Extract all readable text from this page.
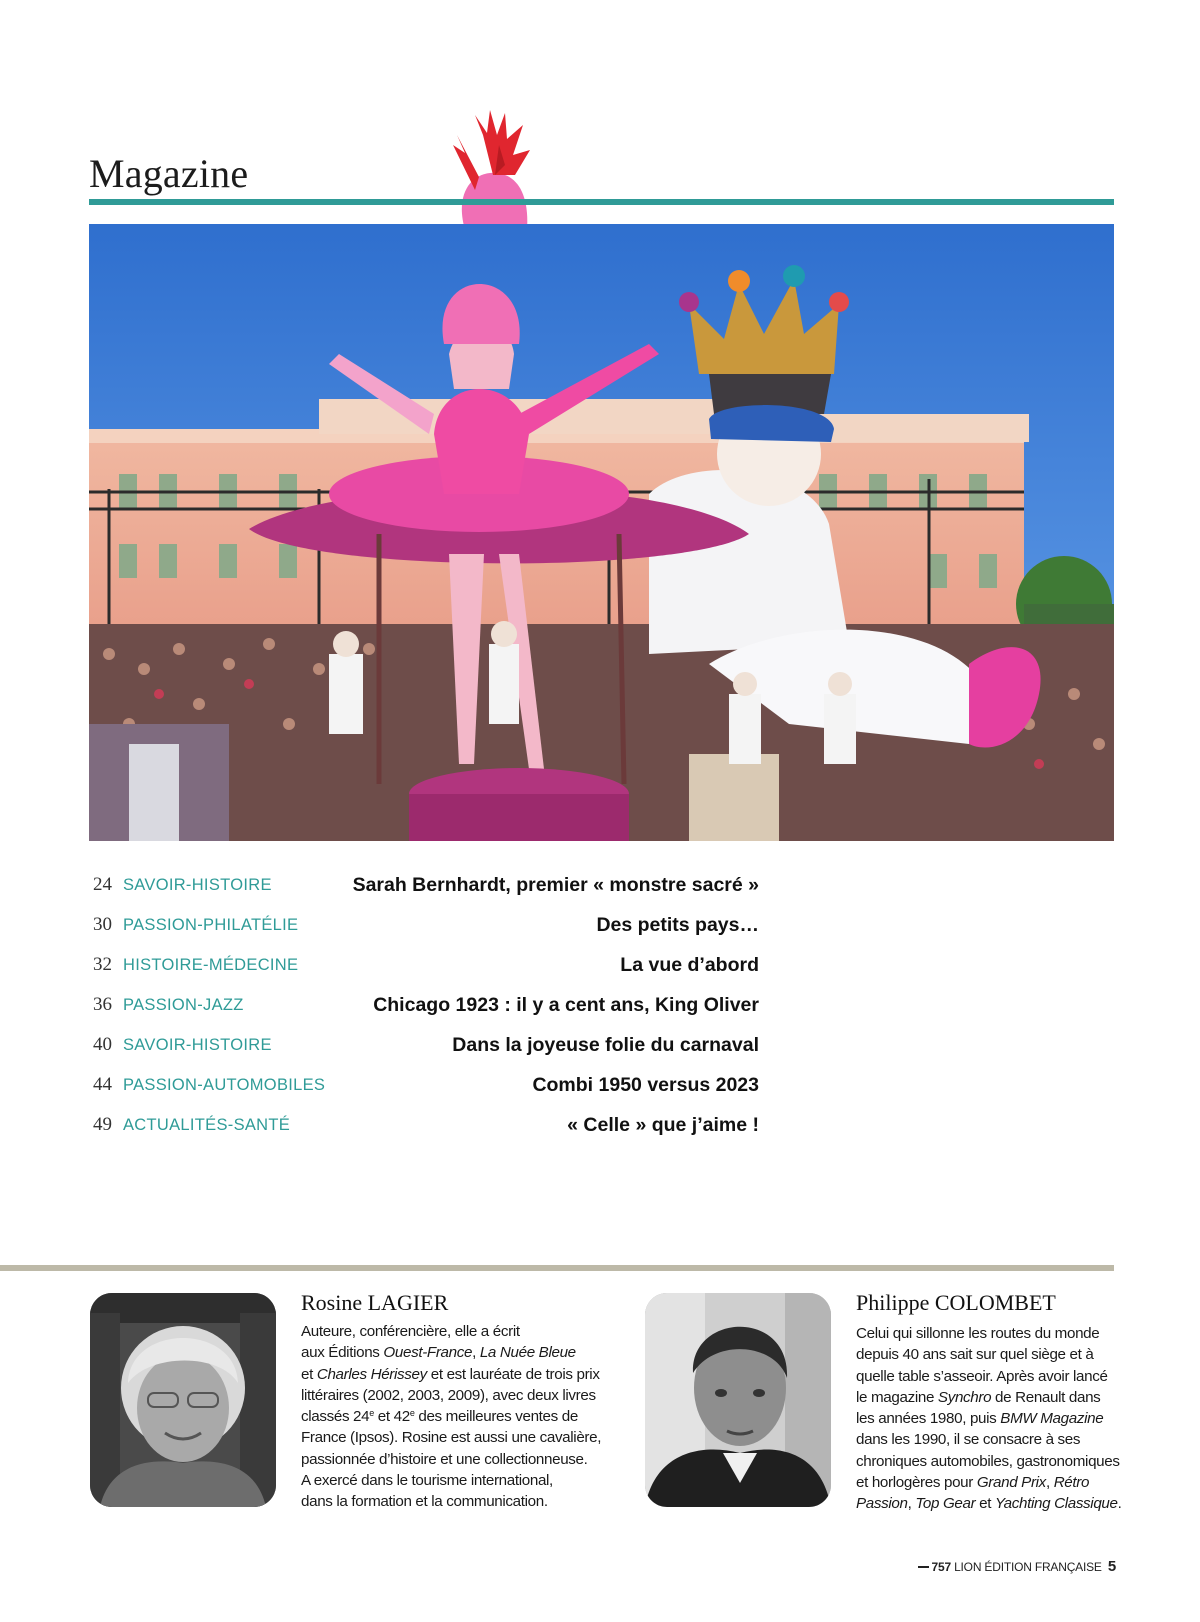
Magazine
24 SAVOIR-HISTOIRE	Sarah Bernhardt, premier « monstre sacré »
30 PASSION-PHILATÉLIE	Des petits pays…
32 HISTOIRE-MÉDECINE	La vue d’abord
36 PASSION-JAZZ	Chicago 1923 : il y a cent ans, King Oliver
40 SAVOIR-HISTOIRE	Dans la joyeuse folie du carnaval
44 PASSION-AUTOMOBILES	Combi 1950 versus 2023
49 ACTUALITÉS-SANTÉ	« Celle » que j’aime !
Rosine LAGIER
Auteure, conférencière, elle a écrit
aux Éditions Ouest-France, La Nuée Bleue
et Charles Hérissey et est lauréate de trois prix
littéraires (2002, 2003, 2009), avec deux livres
classés 24e et 42e des meilleures ventes de
France (Ipsos). Rosine est aussi une cavalière,
passionnée d’histoire et une collectionneuse.
A exercé dans le tourisme international,
dans la formation et la communication.
Philippe COLOMBET
Celui qui sillonne les routes du monde
depuis 40 ans sait sur quel siège et à
quelle table s’asseoir. Après avoir lancé
le magazine Synchro de Renault dans
les années 1980, puis BMW Magazine
dans les 1990, il se consacre à ses
chroniques automobiles, gastronomiques
et horlogères pour Grand Prix, Rétro
Passion, Top Gear et Yachting Classique.
757 LION ÉDITION FRANÇAISE 5
